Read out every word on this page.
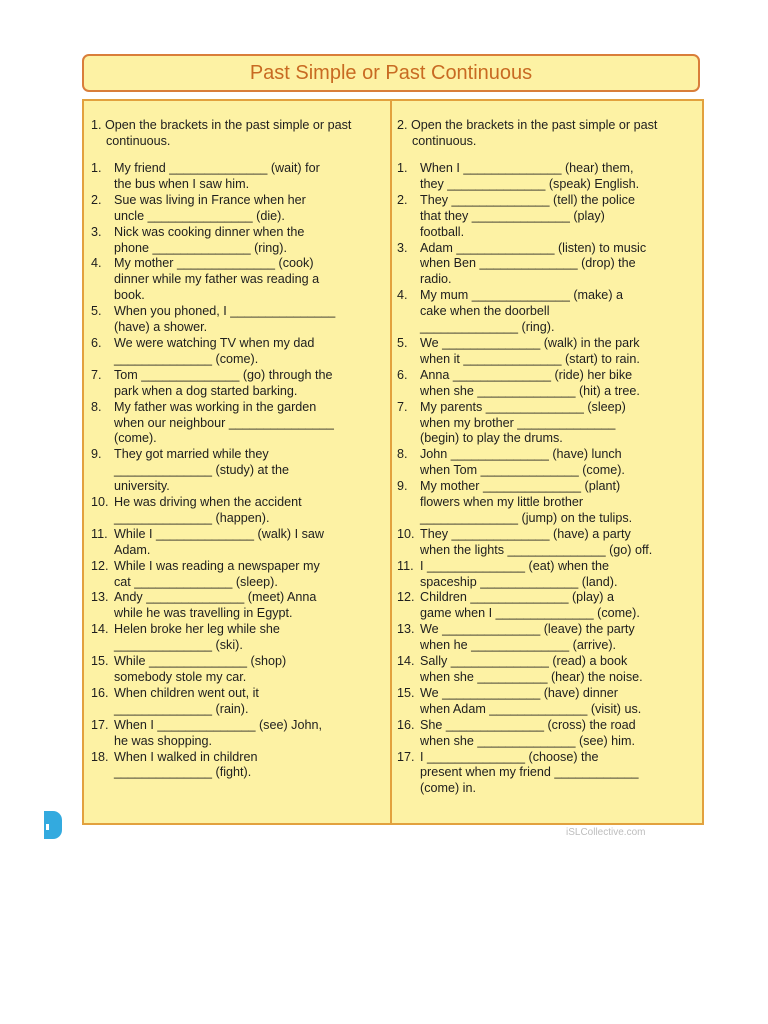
Past Simple or Past Continuous
1. Open the brackets in the past simple or past continuous.
1. My friend ______________ (wait) for
the bus when I saw him.
2. Sue was living in France when her
uncle _______________ (die).
3. Nick was cooking dinner when the
phone ______________ (ring).
4. My mother ______________ (cook)
dinner while my father was reading a
book.
5. When you phoned, I _______________
(have) a shower.
6. We were watching TV when my dad
______________ (come).
7. Tom ______________ (go) through the
park when a dog started barking.
8. My father was working in the garden
when our neighbour _______________
(come).
9. They got married while they
______________ (study) at the
university.
10. He was driving when the accident
______________ (happen).
11. While I ______________ (walk) I saw
Adam.
12. While I was reading a newspaper my
cat ______________ (sleep).
13. Andy ______________ (meet) Anna
while he was travelling in Egypt.
14. Helen broke her leg while she
______________ (ski).
15. While ______________ (shop)
somebody stole my car.
16. When children went out, it
______________ (rain).
17. When I ______________ (see) John,
he was shopping.
18. When I walked in children
______________ (fight).
2. Open the brackets in the past simple or past continuous.
1. When I ______________ (hear) them,
they ______________ (speak) English.
2. They ______________ (tell) the police
that they ______________ (play)
football.
3. Adam ______________ (listen) to music
when Ben ______________ (drop) the
radio.
4. My mum ______________ (make) a
cake when the doorbell
______________ (ring).
5. We ______________ (walk) in the park
when it ______________ (start) to rain.
6. Anna ______________ (ride) her bike
when she ______________ (hit) a tree.
7. My parents ______________ (sleep)
when my brother ______________
(begin) to play the drums.
8. John ______________ (have) lunch
when Tom ______________ (come).
9. My mother ______________ (plant)
flowers when my little brother
______________ (jump) on the tulips.
10. They ______________ (have) a party
when the lights ______________ (go) off.
11. I ______________ (eat) when the
spaceship ______________ (land).
12. Children ______________ (play) a
game when I ______________ (come).
13. We ______________ (leave) the party
when he ______________ (arrive).
14. Sally ______________ (read) a book
when she __________ (hear) the noise.
15. We ______________ (have) dinner
when Adam ______________ (visit) us.
16. She ______________ (cross) the road
when she ______________ (see) him.
17. I ______________ (choose) the
present when my friend ____________
(come) in.
iSLCollective.com
